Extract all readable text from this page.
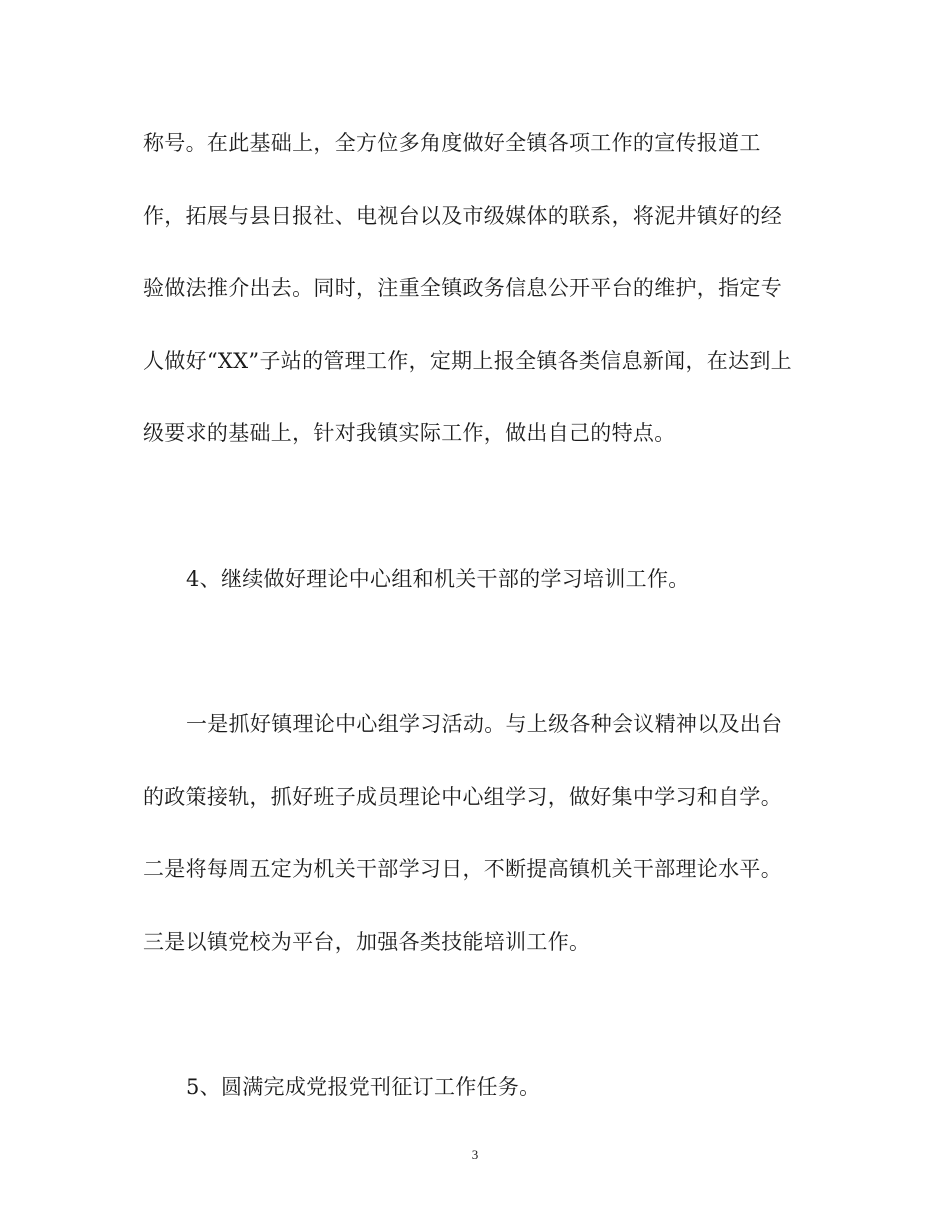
称号。在此基础上，全方位多角度做好全镇各项工作的宣传报道工
作，拓展与县日报社、电视台以及市级媒体的联系，将泥井镇好的经
验做法推介出去。同时，注重全镇政务信息公开平台的维护，指定专
人做好“XX”子站的管理工作，定期上报全镇各类信息新闻，在达到上
级要求的基础上，针对我镇实际工作，做出自己的特点。
4、继续做好理论中心组和机关干部的学习培训工作。
一是抓好镇理论中心组学习活动。与上级各种会议精神以及出台
的政策接轨，抓好班子成员理论中心组学习，做好集中学习和自学。
二是将每周五定为机关干部学习日，不断提高镇机关干部理论水平。
三是以镇党校为平台，加强各类技能培训工作。
5、圆满完成党报党刊征订工作任务。
3
